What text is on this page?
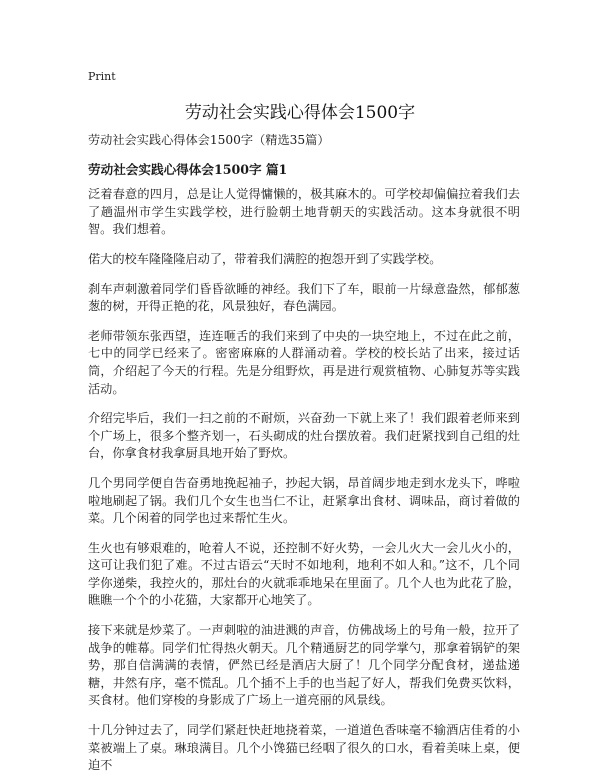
Print
劳动社会实践心得体会1500字

劳动社会实践心得体会1500字（精选35篇）

劳动社会实践心得体会1500字 篇1

泛着春意的四月，总是让人觉得慵懒的，极其麻木的。可学校却偏偏拉着我们去了趟温州市学生实践学校，进行脸朝土地背朝天的实践活动。这本身就很不明智。我们想着。

偌大的校车隆隆隆启动了，带着我们满腔的抱怨开到了实践学校。

刹车声刺激着同学们昏昏欲睡的神经。我们下了车，眼前一片绿意盎然，郁郁葱葱的树，开得正艳的花，风景独好，春色满园。

老师带领东张西望，连连咂舌的我们来到了中央的一块空地上，不过在此之前，七中的同学已经来了。密密麻麻的人群涌动着。学校的校长站了出来，接过话筒，介绍起了今天的行程。先是分组野炊，再是进行观赏植物、心肺复苏等实践活动。

介绍完毕后，我们一扫之前的不耐烦，兴奋劲一下就上来了！我们跟着老师来到个广场上，很多个整齐划一，石头砌成的灶台摆放着。我们赶紧找到自己组的灶台，你拿食材我拿厨具地开始了野炊。

几个男同学便自告奋勇地挽起袖子，抄起大锅，昂首阔步地走到水龙头下，哗啦啦地刷起了锅。我们几个女生也当仁不让，赶紧拿出食材、调味品，商讨着做的菜。几个闲着的同学也过来帮忙生火。

生火也有够艰难的，呛着人不说，还控制不好火势，一会儿火大一会儿火小的，这可让我们犯了难。不过古语云“天时不如地利，地利不如人和。”这不，几个同学你递柴，我控火的，那灶台的火就乖乖地呆在里面了。几个人也为此花了脸，瞧瞧一个个的小花猫，大家都开心地笑了。

接下来就是炒菜了。一声刺啦的油进溅的声音，仿佛战场上的号角一般，拉开了战争的帷幕。同学们忙得热火朝天。几个精通厨艺的同学掌勺，那拿着锅铲的架势，那自信满满的表情，俨然已经是酒店大厨了！几个同学分配食材，递盐递糖，井然有序，毫不慌乱。几个插不上手的也当起了好人，帮我们免费买饮料，买食材。他们穿梭的身影成了广场上一道亮丽的风景线。

十几分钟过去了，同学们紧赶快赶地挠着菜，一道道色香味毫不输酒店佳肴的小菜被端上了桌。琳琅满目。几个小馋猫已经咽了很久的口水，看着美味上桌，便迫不
